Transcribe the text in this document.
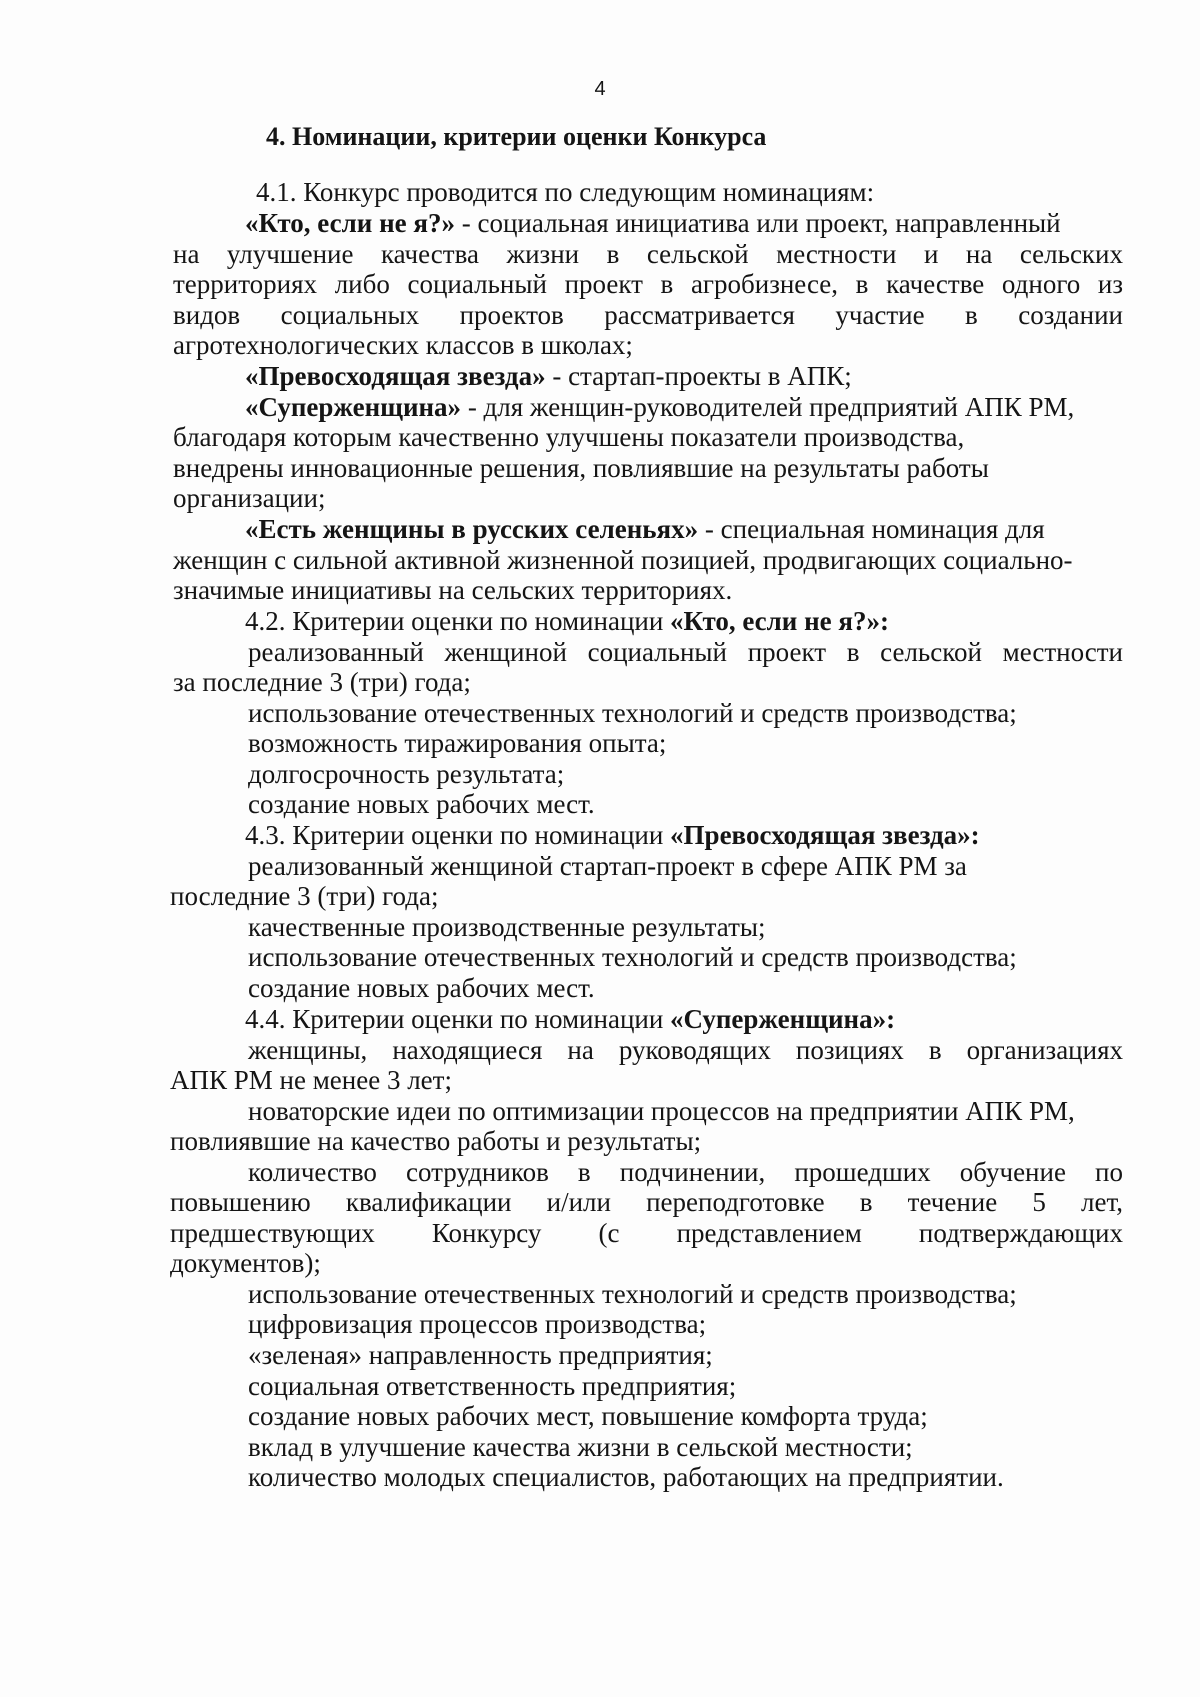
4
4. Номинации, критерии оценки Конкурса
4.1. Конкурс проводится по следующим номинациям:
«Кто, если не я?» - социальная инициатива или проект, направленный
на улучшение качества жизни в сельской местности и на сельских
территориях либо социальный проект в агробизнесе, в качестве одного из
видов социальных проектов рассматривается участие в создании
агротехнологических классов в школах;
«Превосходящая звезда» - стартап-проекты в АПК;
«Суперженщина» - для женщин-руководителей предприятий АПК РМ,
благодаря которым качественно улучшены показатели производства,
внедрены инновационные решения, повлиявшие на результаты работы
организации;
«Есть женщины в русских селеньях» - специальная номинация для
женщин с сильной активной жизненной позицией, продвигающих социально-
значимые инициативы на сельских территориях.
4.2. Критерии оценки по номинации «Кто, если не я?»:
реализованный женщиной социальный проект в сельской местности
за последние 3 (три) года;
использование отечественных технологий и средств производства;
возможность тиражирования опыта;
долгосрочность результата;
создание новых рабочих мест.
4.3. Критерии оценки по номинации «Превосходящая звезда»:
реализованный женщиной стартап-проект в сфере АПК РМ за
последние 3 (три) года;
качественные производственные результаты;
использование отечественных технологий и средств производства;
создание новых рабочих мест.
4.4. Критерии оценки по номинации «Суперженщина»:
женщины, находящиеся на руководящих позициях в организациях
АПК РМ не менее 3 лет;
новаторские идеи по оптимизации процессов на предприятии АПК РМ,
повлиявшие на качество работы и результаты;
количество сотрудников в подчинении, прошедших обучение по
повышению квалификации и/или переподготовке в течение 5 лет,
предшествующих Конкурсу (с представлением подтверждающих
документов);
использование отечественных технологий и средств производства;
цифровизация процессов производства;
«зеленая» направленность предприятия;
социальная ответственность предприятия;
создание новых рабочих мест, повышение комфорта труда;
вклад в улучшение качества жизни в сельской местности;
количество молодых специалистов, работающих на предприятии.
